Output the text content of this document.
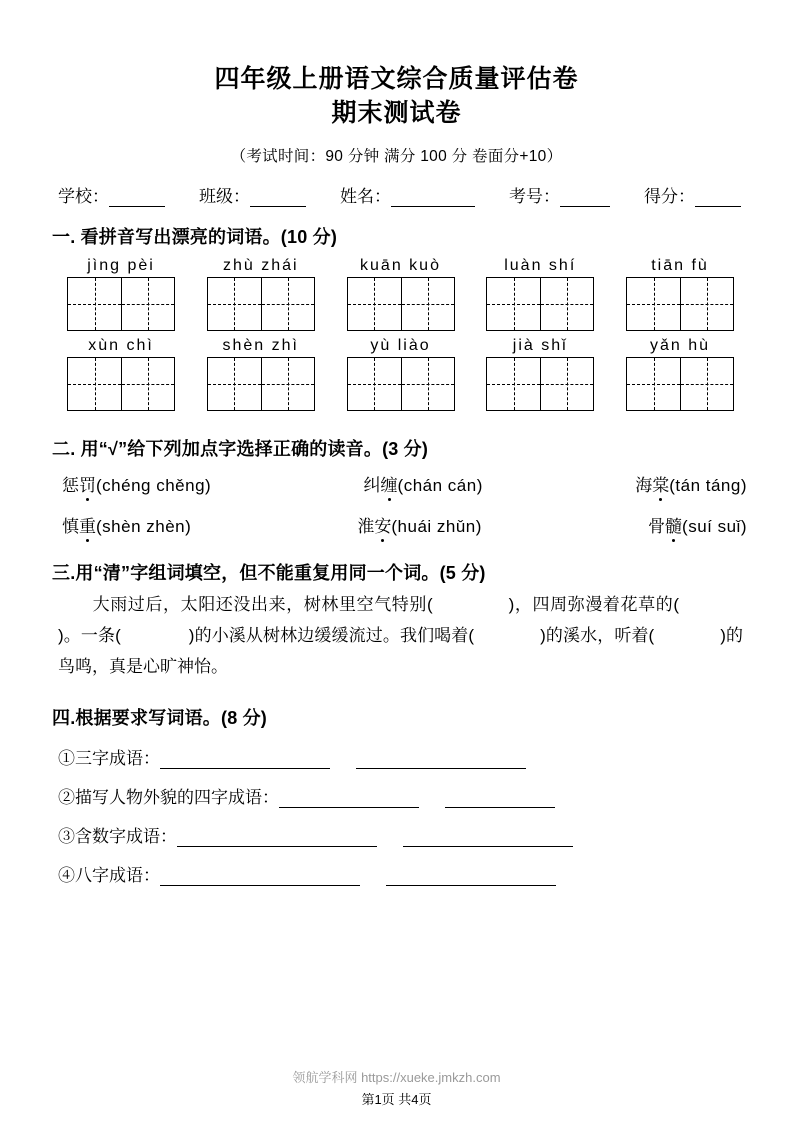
四年级上册语文综合质量评估卷
期末测试卷
（考试时间：90 分钟 满分 100 分 卷面分+10）
学校：	班级：	姓名：	考号：	得分：
一. 看拼音写出漂亮的词语。(10 分)
jìng pèi	zhù zhái	kuān kuò	luàn shí	tiān fù
xùn chì	shèn zhì	yù liào	jià shǐ	yǎn hù
二. 用“√”给下列加点字选择正确的读音。(3 分)
惩罚(chéng chěng)	纠缠(chán cán)	海棠(tán táng)
慎重(shèn zhèn)	淮安(huái zhǔn)	骨髓(suí suǐ)
三.用“清”字组词填空，但不能重复用同一个词。(5 分)
大雨过后，太阳还没出来，树林里空气特别(	)，四周弥漫着花草的()。一条(	)的小溪从树林边缓缓流过。我们喝着(	)的溪水，听着(	)的鸟鸣，真是心旷神怡。
四.根据要求写词语。(8 分)
①三字成语：
②描写人物外貌的四字成语：
③含数字成语：
④八字成语：
领航学科网 https://xueke.jmkzh.com
第1页 共4页
